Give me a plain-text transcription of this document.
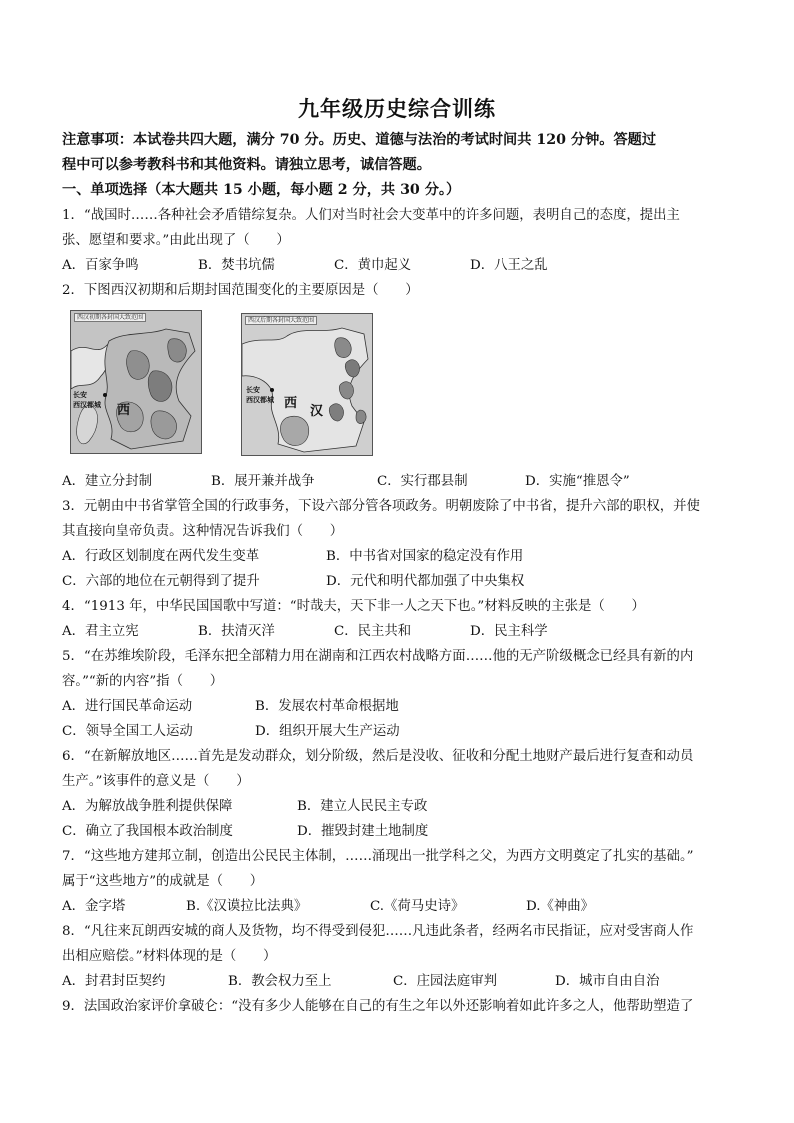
九年级历史综合训练
注意事项：本试卷共四大题，满分 70 分。历史、道德与法治的考试时间共 120 分钟。答题过
程中可以参考教科书和其他资料。请独立思考，诚信答题。
一、单项选择（本大题共 15 小题，每小题 2 分，共 30 分。）
1．“战国时……各种社会矛盾错综复杂。人们对当时社会大变革中的许多问题，表明自己的态度，提出主
张、愿望和要求。”由此出现了（　　）
A．百家争鸣	B．焚书坑儒	C．黄巾起义	D．八王之乱
2．下图西汉初期和后期封国范围变化的主要原因是（　　）
西汉初期各封国大致范围
长安
西汉都城 西
西汉后期各封国大致范围
长安
西汉都城 西
汉
A．建立分封制	B．展开兼并战争	C．实行郡县制	D．实施“推恩令”
3．元朝由中书省掌管全国的行政事务，下设六部分管各项政务。明朝废除了中书省，提升六部的职权，并使
其直接向皇帝负责。这种情况告诉我们（　　）
A．行政区划制度在两代发生变革	B．中书省对国家的稳定没有作用
C．六部的地位在元朝得到了提升	D．元代和明代都加强了中央集权
4．“1913 年，中华民国国歌中写道：“时哉夫，天下非一人之天下也。”材料反映的主张是（　　）
A．君主立宪	B．扶清灭洋	C．民主共和	D．民主科学
5．“在苏维埃阶段，毛泽东把全部精力用在湖南和江西农村战略方面……他的无产阶级概念已经具有新的内
容。”“新的内容”指（　　）
A．进行国民革命运动	B．发展农村革命根据地
C．领导全国工人运动	D．组织开展大生产运动
6．“在新解放地区……首先是发动群众，划分阶级，然后是没收、征收和分配土地财产最后进行复查和动员
生产。”该事件的意义是（　　）
A．为解放战争胜利提供保障	B．建立人民民主专政
C．确立了我国根本政治制度	D．摧毁封建土地制度
7．“这些地方建邦立制，创造出公民民主体制，……涌现出一批学科之父，为西方文明奠定了扎实的基础。”
属于“这些地方”的成就是（　　）
A．金字塔	B.《汉谟拉比法典》	C.《荷马史诗》	D.《神曲》
8．“凡往来瓦朗西安城的商人及货物，均不得受到侵犯……凡违此条者，经两名市民指证，应对受害商人作
出相应赔偿。”材料体现的是（　　）
A．封君封臣契约	B．教会权力至上	C．庄园法庭审判	D．城市自由自治
9．法国政治家评价拿破仑：“没有多少人能够在自己的有生之年以外还影响着如此许多之人，他帮助塑造了
